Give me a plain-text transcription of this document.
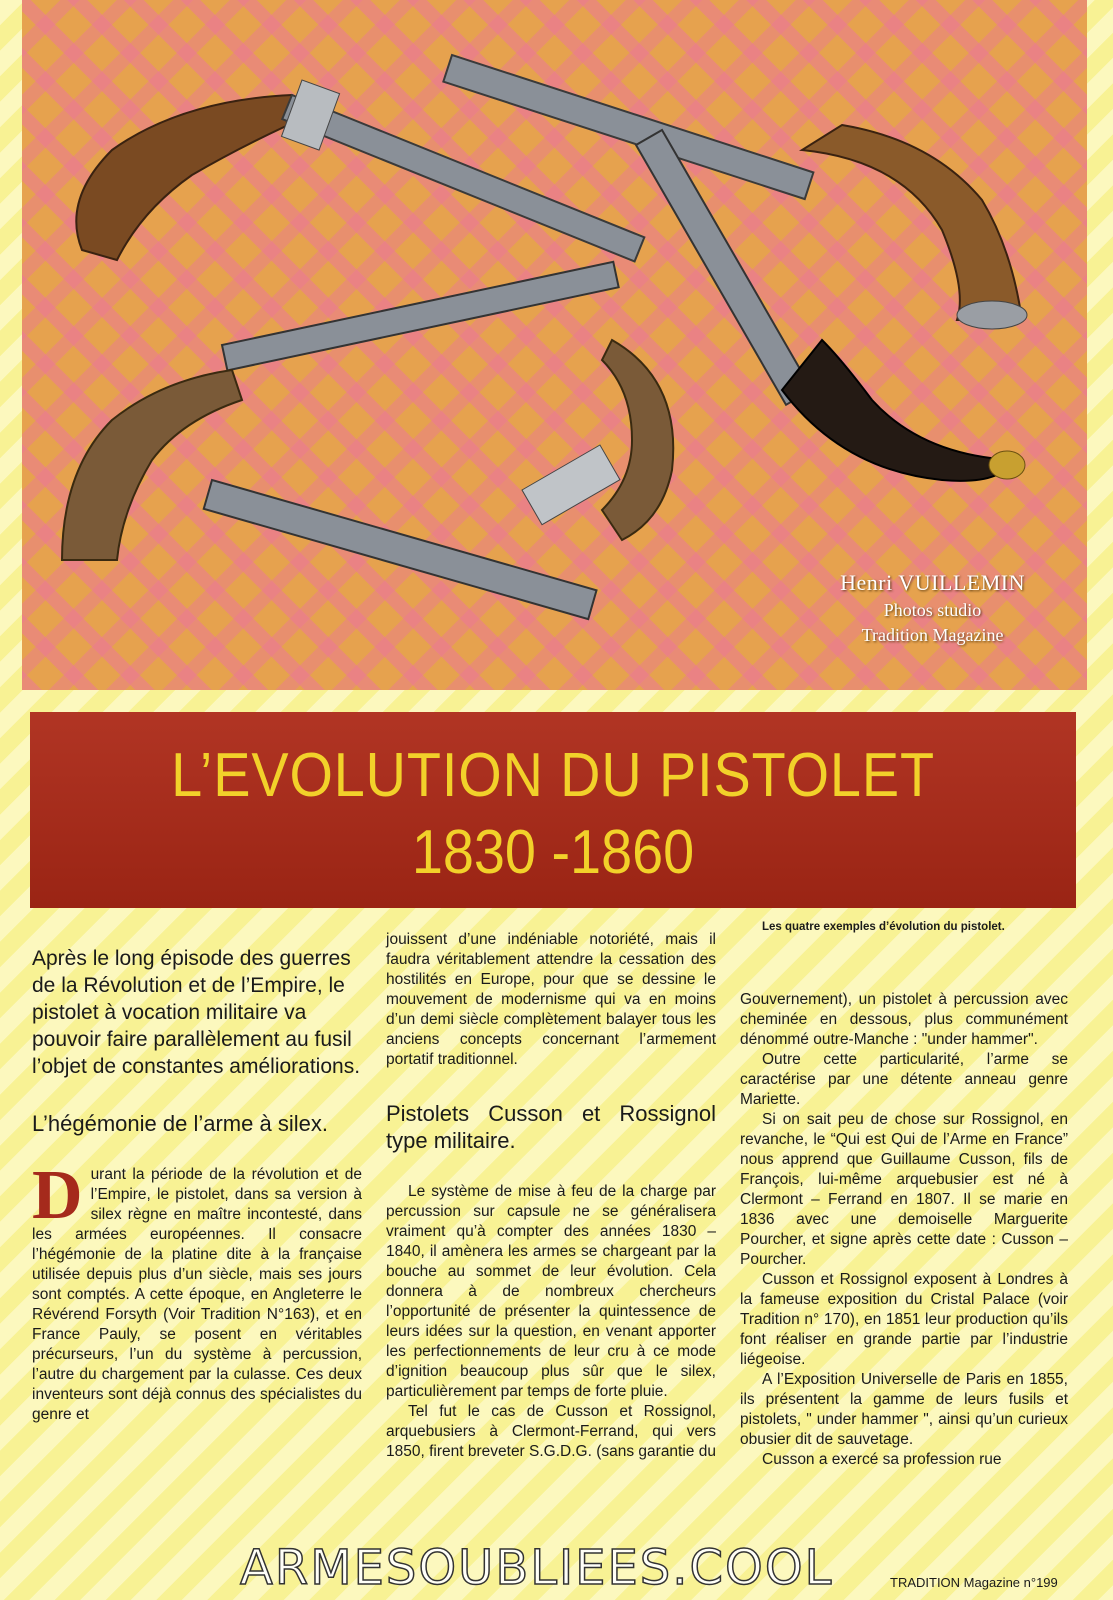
Henri VUILLEMIN
Photos studio
Tradition Magazine
L’EVOLUTION DU PISTOLET
1830 -1860
Les quatre exemples d’évolution du pistolet.

Après le long épisode des guerres de la Révolution et de l’Empire, le pistolet à vocation militaire va pouvoir faire parallèlement au fusil l’objet de constantes améliorations.

L’hégémonie de l’arme à silex.

Durant la période de la révolution et de l’Empire, le pistolet, dans sa version à silex règne en maître incontesté, dans les armées européennes. Il consacre l’hégémonie de la platine dite à la française utilisée depuis plus d’un siècle, mais ses jours sont comptés. A cette époque, en Angleterre le Révérend Forsyth (Voir Tradition N°163), et en France Pauly, se posent en véritables précurseurs, l’un du système à percussion, l’autre du chargement par la culasse. Ces deux inventeurs sont déjà connus des spécialistes du genre et

jouissent d’une indéniable notoriété, mais il faudra véritablement attendre la cessation des hostilités en Europe, pour que se dessine le mouvement de modernisme qui va en moins d’un demi siècle complètement balayer tous les anciens concepts concernant l’armement portatif traditionnel.

Pistolets Cusson et Rossignol type militaire.

Le système de mise à feu de la charge par percussion sur capsule ne se généralisera vraiment qu’à compter des années 1830 – 1840, il amènera les armes se chargeant par la bouche au sommet de leur évolution. Cela donnera à de nombreux chercheurs l’opportunité de présenter la quintessence de leurs idées sur la question, en venant apporter les perfectionnements de leur cru à ce mode d’ignition beaucoup plus sûr que le silex, particulièrement par temps de forte pluie.

Tel fut le cas de Cusson et Rossignol, arquebusiers à Clermont-Ferrand, qui vers 1850, firent breveter S.G.D.G. (sans garantie du

Gouvernement), un pistolet à percussion avec cheminée en dessous, plus communément dénommé outre-Manche : "under hammer".

Outre cette particularité, l’arme se caractérise par une détente anneau genre Mariette.

Si on sait peu de chose sur Rossignol, en revanche, le “Qui est Qui de l’Arme en France” nous apprend que Guillaume Cusson, fils de François, lui-même arquebusier est né à Clermont – Ferrand en 1807. Il se marie en 1836 avec une demoiselle Marguerite Pourcher, et signe après cette date : Cusson – Pourcher.

Cusson et Rossignol exposent à Londres à la fameuse exposition du Cristal Palace (voir Tradition n° 170), en 1851 leur production qu’ils font réaliser en grande partie par l’industrie liégeoise.

A l’Exposition Universelle de Paris en 1855, ils présentent la gamme de leurs fusils et pistolets, " under hammer ", ainsi qu’un curieux obusier dit de sauvetage.

Cusson a exercé sa profession rue

ARMESOUBLIEES.COOL	TRADITION Magazine n°199
